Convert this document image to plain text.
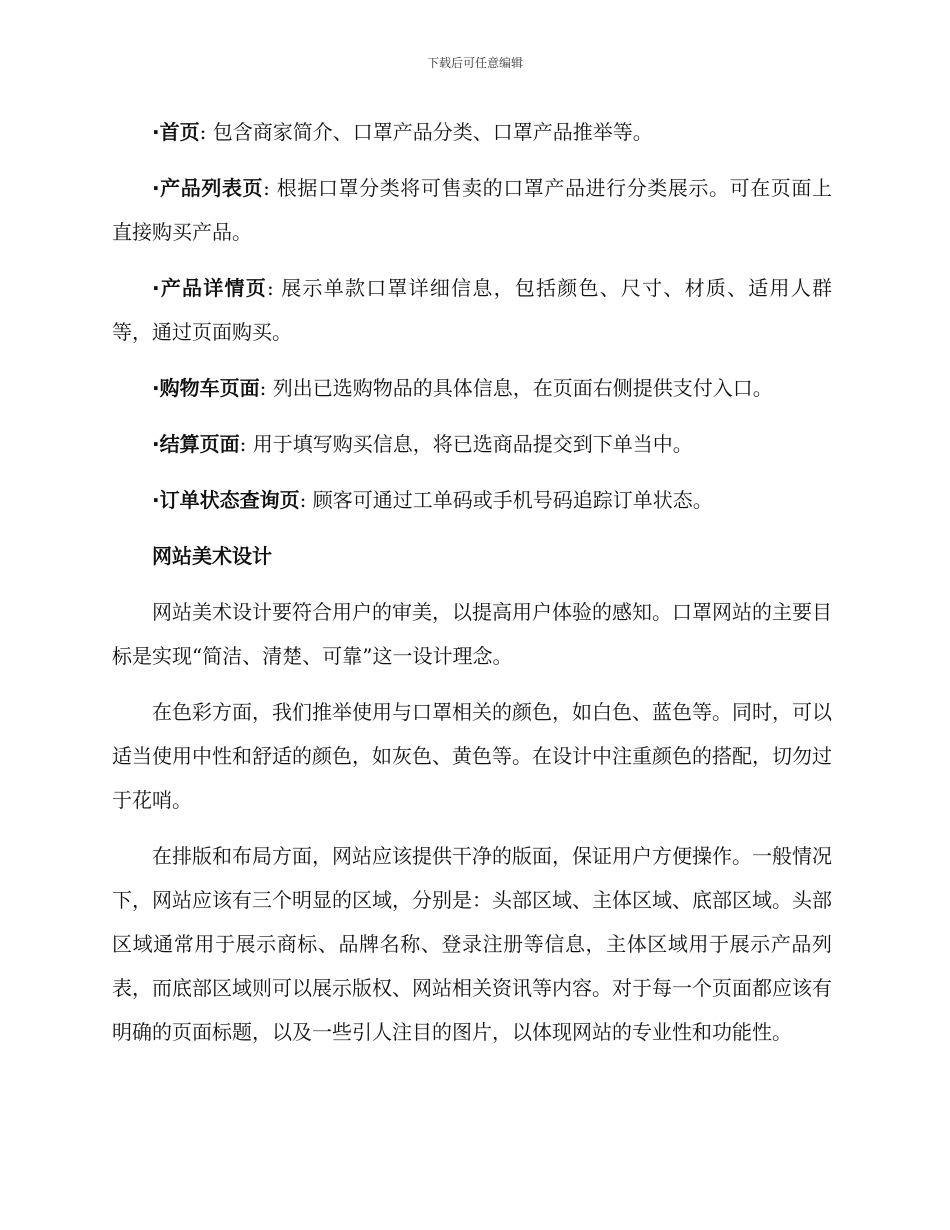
下载后可任意编辑

·首页: 包含商家简介、口罩产品分类、口罩产品推举等。

·产品列表页: 根据口罩分类将可售卖的口罩产品进行分类展示。可在页面上直接购买产品。

·产品详情页: 展示单款口罩详细信息，包括颜色、尺寸、材质、适用人群等，通过页面购买。

·购物车页面: 列出已选购物品的具体信息，在页面右侧提供支付入口。

·结算页面: 用于填写购买信息，将已选商品提交到下单当中。

·订单状态查询页: 顾客可通过工单码或手机号码追踪订单状态。

网站美术设计

网站美术设计要符合用户的审美，以提高用户体验的感知。口罩网站的主要目标是实现“简洁、清楚、可靠”这一设计理念。

在色彩方面，我们推举使用与口罩相关的颜色，如白色、蓝色等。同时，可以适当使用中性和舒适的颜色，如灰色、黄色等。在设计中注重颜色的搭配，切勿过于花哨。

在排版和布局方面，网站应该提供干净的版面，保证用户方便操作。一般情况下，网站应该有三个明显的区域，分别是：头部区域、主体区域、底部区域。头部区域通常用于展示商标、品牌名称、登录注册等信息，主体区域用于展示产品列表，而底部区域则可以展示版权、网站相关资讯等内容。对于每一个页面都应该有明确的页面标题，以及一些引人注目的图片，以体现网站的专业性和功能性。
